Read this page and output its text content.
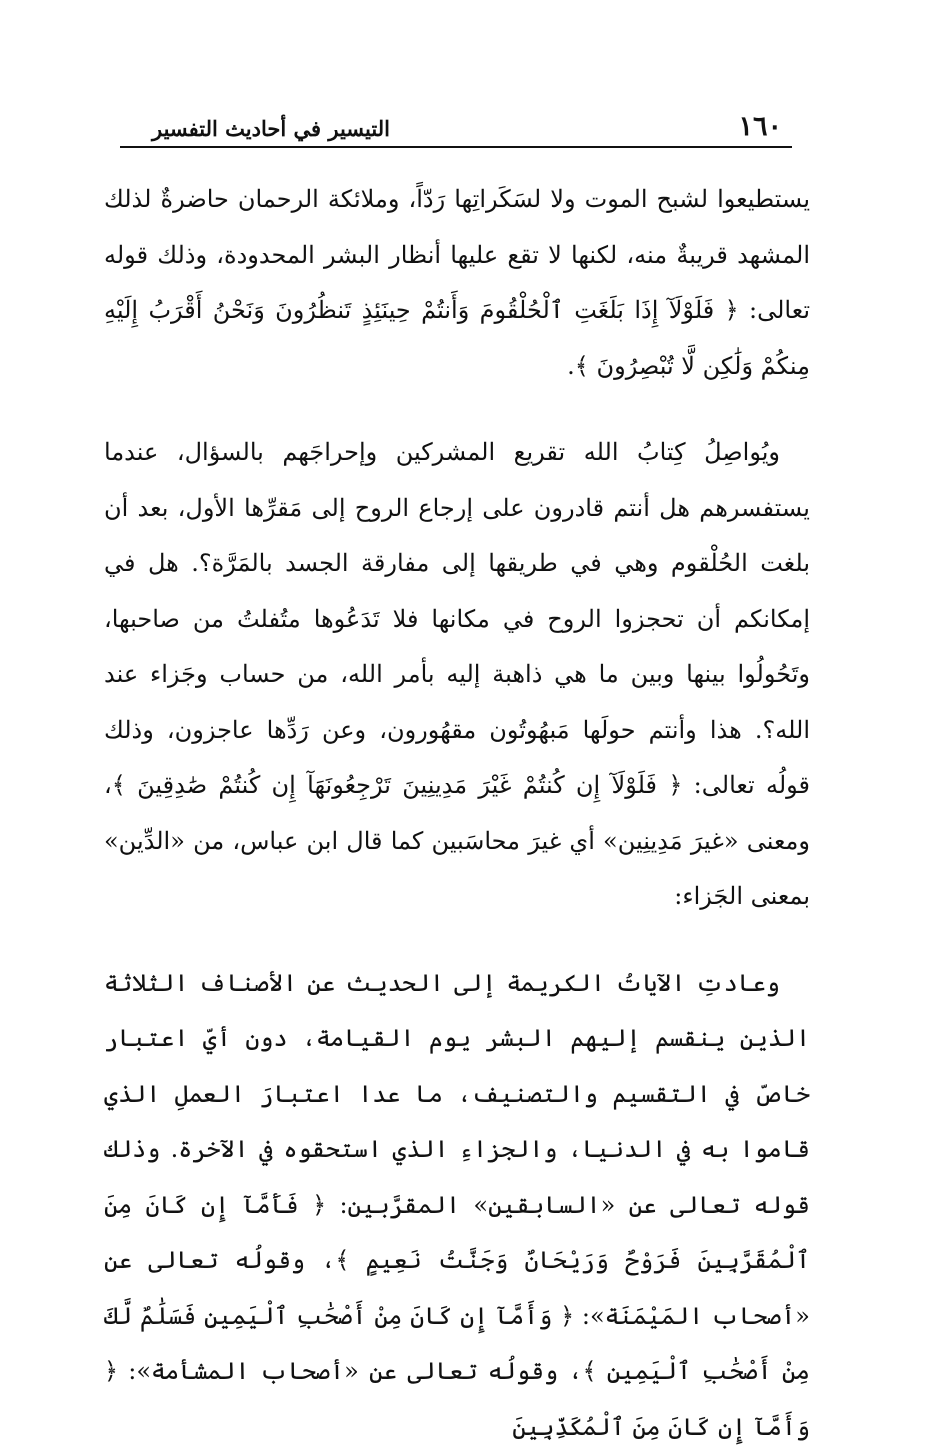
١٦٠
التيسير في أحاديث التفسير

يستطيعوا لشبح الموت ولا لسَكَراتِها رَدّاً، وملائكة الرحمان حاضرةٌ لذلك المشهد قريبةٌ منه، لكنها لا تقع عليها أنظار البشر المحدودة، وذلك قوله تعالى: ﴿ فَلَوْلَآ إِذَا بَلَغَتِ ٱلْحُلْقُومَ وَأَنتُمْ حِينَئِذٍ تَنظُرُونَ وَنَحْنُ أَقْرَبُ إِلَيْهِ مِنكُمْ وَلَٰكِن لَّا تُبْصِرُونَ ﴾.

ويُواصِلُ كِتابُ الله تقريع المشركين وإحراجَهم بالسؤال، عندما يستفسرهم هل أنتم قادرون على إرجاع الروح إلى مَقرِّها الأول، بعد أن بلغت الحُلْقوم وهي في طريقها إلى مفارقة الجسد بالمَرَّة؟. هل في إمكانكم أن تحجزوا الروح في مكانها فلا تَدَعُوها متُفلتُ من صاحبها، وتَحُولُوا بينها وبين ما هي ذاهبة إليه بأمر الله، من حساب وجَزاء عند الله؟. هذا وأنتم حولَها مَبهُوتُون مقهُورون، وعن رَدِّها عاجزون، وذلك قولُه تعالى: ﴿ فَلَوْلَآ إِن كُنتُمْ غَيْرَ مَدِينِينَ تَرْجِعُونَهَآ إِن كُنتُمْ صَٰدِقِينَ ﴾، ومعنى «غيرَ مَدِينِين» أي غيرَ محاسَبين كما قال ابن عباس، من «الدِّين» بمعنى الجَزاء:

وعادتِ الآياتُ الكريمة إلى الحديث عن الأصناف الثلاثة الذين ينقسم إليهم البشر يوم القيامة، دون أيّ اعتبار خاصّ في التقسيم والتصنيف، ما عدا اعتبارَ العملِ الذي قاموا به في الدنيا، والجزاءِ الذي استحقوه في الآخرة. وذلك قوله تعالى عن «السابقين» المقرَّبين: ﴿ فَأَمَّآ إِن كَانَ مِنَ ٱلْمُقَرَّبِينَ فَرَوْحٌ وَرَيْحَانٌ وَجَنَّتُ نَعِيمٍ ﴾، وقولُه تعالى عن «أصحاب المَيْمَنَة»: ﴿ وَأَمَّآ إِن كَانَ مِنْ أَصْحَٰبِ ٱلْيَمِينِ فَسَلَٰمٌ لَّكَ مِنْ أَصْحَٰبِ ٱلْيَمِينِ ﴾، وقولُه تعالى عن «أصحاب المشأمة»: ﴿ وَأَمَّآ إِن كَانَ مِنَ ٱلْمُكَذِّبِينَ
